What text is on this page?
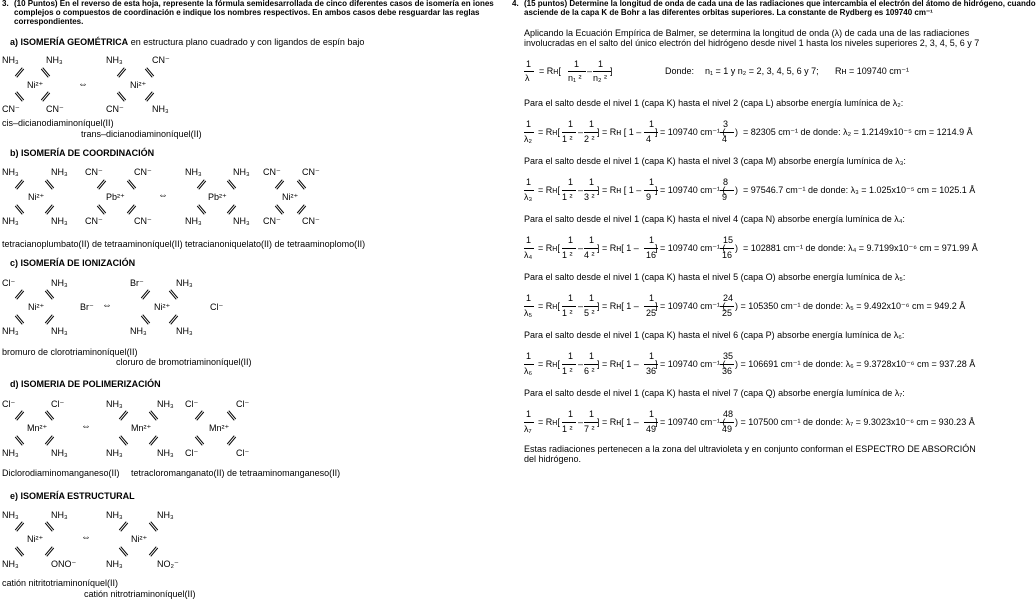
3. (10 Puntos) En el reverso de esta hoja, represente la fórmula semidesarrollada de cinco diferentes casos de isomería en iones
complejos o compuestos de coordinación e indique los nombres respectivos. En ambos casos debe resguardar las reglas
correspondientes.
a) ISOMERÍA GEOMÉTRICA en estructura plano cuadrado y con ligandos de espín bajo
NH₃	NH₃	NH₃	CN⁻
Ni²⁺	⇔	Ni²⁺
CN⁻	CN⁻	CN⁻	NH₃
cis–dicianodiaminoníquel(II)
trans–dicianodiaminoníquel(II)
b) ISOMERÍA DE COORDINACIÓN
NH₃	NH₃ CN⁻	CN⁻	NH₃	NH₃ CN⁻ CN⁻
Ni²⁺	Pb²⁺	⇔	Pb²⁺	Ni²⁺
NH₃	NH₃ CN⁻	CN⁻	NH₃	NH₃ CN⁻ CN⁻
tetracianoplumbato(II) de tetraaminoníquel(II) tetracianoniquelato(II) de tetraaminoplomo(II)
c) ISOMERÍA DE IONIZACIÓN
Cl⁻	NH₃	Br⁻	NH₃
Ni²⁺	Br⁻ ⇔	Ni²⁺	Cl⁻
NH₃	NH₃	NH₃	NH₃
bromuro de clorotriaminoníquel(II)
cloruro de bromotriaminoníquel(II)
d) ISOMERIA DE POLIMERIZACIÓN
Cl⁻	Cl⁻	NH₃	NH₃ Cl⁻	Cl⁻
Mn²⁺	⇔	Mn²⁺	Mn²⁺
NH₃	NH₃	NH₃	NH₃ Cl⁻	Cl⁻
Diclorodiaminomanganeso(II) tetracloromanganato(II) de tetraaminomanganeso(II)
e) ISOMERÍA ESTRUCTURAL
NH₃	NH₃	NH₃	NH₃
Ni²⁺	⇔	Ni²⁺
NH₃	ONO⁻	NH₃	NO₂⁻
catión nitritotriaminoníquel(II)
catión nitrotriaminoníquel(II)
4. (15 puntos) Determine la longitud de onda de cada una de las radiaciones que intercambia el electrón del átomo de hidrógeno, cuando
asciende de la capa K de Bohr a las diferentes orbitas superiores. La constante de Rydberg es 109740 cm⁻¹
Aplicando la Ecuación Empírica de Balmer, se determina la longitud de onda (λ) de cada una de las radiaciones
involucradas en el salto del único electrón del hidrógeno desde nivel 1 hasta los niveles superiores 2, 3, 4, 5, 6 y 7
1
λ
= RH[
1
n₁ ²
–
1
n₂ ²
]	Donde: n₁ = 1 y n₂ = 2, 3, 4, 5, 6 y 7; Rʜ = 109740 cm⁻¹
Para el salto desde el nivel 1 (capa K) hasta el nivel 2 (capa L) absorbe energía lumínica de λ₂:
1
λ₂
= RH[
1
1 ²
–
1
2 ²
] = Rʜ [ 1 –
1
4
] = 109740 cm⁻¹ (
3
4
) = 82305 cm⁻¹ de donde: λ₂ = 1.2149x10⁻⁵ cm = 1214.9 Å
Para el salto desde el nivel 1 (capa K) hasta el nivel 3 (capa M) absorbe energía lumínica de λ₃:
1
λ₃
= RH[
1
1 ²
–
1
3 ²
] = Rʜ [ 1 –
1
9
] = 109740 cm⁻¹ (
8
9
) = 97546.7 cm⁻¹ de donde: λ₃ = 1.025x10⁻⁵ cm = 1025.1 Å
Para el salto desde el nivel 1 (capa K) hasta el nivel 4 (capa N) absorbe energía lumínica de λ₄:
1
λ₄
= RH[
1
1 ²
–
1
4 ²
] = Rʜ[ 1 –
1
16
] = 109740 cm⁻¹ (
15
16
) = 102881 cm⁻¹ de donde: λ₄ = 9.7199x10⁻⁶ cm = 971.99 Å
Para el salto desde el nivel 1 (capa K) hasta el nivel 5 (capa O) absorbe energía lumínica de λ₅:
1
λ₅
= RH[
1
1 ²
–
1
5 ²
] = Rʜ[ 1 –
1
25
] = 109740 cm⁻¹ (
24
25
) = 105350 cm⁻¹ de donde: λ₅ = 9.492x10⁻⁶ cm = 949.2 Å
Para el salto desde el nivel 1 (capa K) hasta el nivel 6 (capa P) absorbe energía lumínica de λ₆:
1
λ₆
= RH[
1
1 ²
–
1
6 ²
] = Rʜ[ 1 –
1
36
] = 109740 cm⁻¹ (
35
36
) = 106691 cm⁻¹ de donde: λ₆ = 9.3728x10⁻⁶ cm = 937.28 Å
Para el salto desde el nivel 1 (capa K) hasta el nivel 7 (capa Q) absorbe energía lumínica de λ₇:
1
λ₇
= RH[
1
1 ²
–
1
7 ²
] = Rʜ[ 1 –
1
49
] = 109740 cm⁻¹ (
48
49
) = 107500 cm⁻¹ de donde: λ₇ = 9.3023x10⁻⁶ cm = 930.23 Å
Estas radiaciones pertenecen a la zona del ultravioleta y en conjunto conforman el ESPECTRO DE ABSORCIÓN
del hidrógeno.
